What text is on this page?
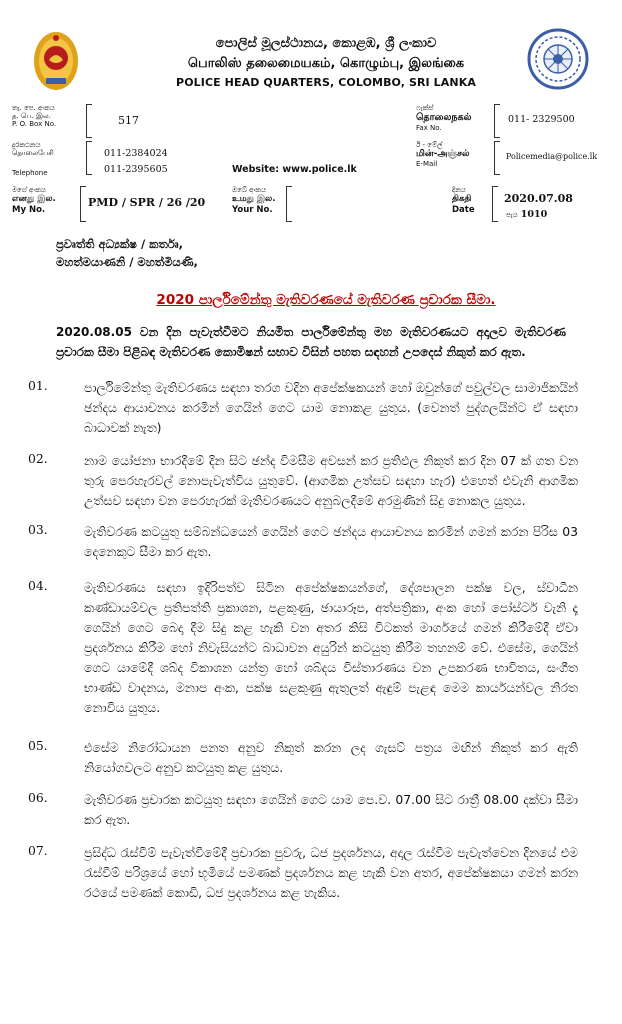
පොලිස් මූලස්ථානය, කොළඹ, ශ්‍රී ලංකාව
பொலிஸ் தலைமையகம், கொழும்பு, இலங்கை
POLICE HEAD QUARTERS, COLOMBO, SRI LANKA
තැ. පෙ. අංකය
த. பெ. இல.
P. O. Box No.	517
දුරකථනය
தொலைபேசி
Telephone
011-2384024
011-2395605	Website: www.police.lk
ෆැක්ස්
தொலைநகல்
Fax No.
011- 2329500
ඊ - මේල්
மின்-அஞ்சல்
E-Mail
Policemedia@police.lk
මගේ අංකය
எனது இல.
My No.
PMD / SPR / 26 /20
ඔබේ අංකය
உமது இல.
Your No.
දිනය
திகதி
Date
2020.07.08
පැය 1010
ප්‍රවෘත්ති අධ්‍යක්ෂ / කර්තෘ,
මහත්මයාණනි / මහත්මියණි,
2020 පාර්ලිමේන්තු මැතිවරණයේ මැතිවරණ ප්‍රචාරක සීමා.
2020.08.05 වන දින පැවැත්වීමට නියමිත පාර්ලිමේන්තු මහ මැතිවරණයට අදාලව මැතිවරණ ප්‍රචාරක සීමා පිළිබඳ මැතිවරණ කොමිෂන් සභාව විසින් පහත සඳහන් උපදෙස් නිකුත් කර ඇත.
01.	පාර්ලිමේන්තු මැතිවරණය සඳහා තරග වදින අපේක්ෂකයන් හෝ ඔවුන්ගේ පවුල්වල සාමාජිකයින් ඡන්දය ආයාචනය කරමින් ගෙයින් ගෙට යාම නොකළ යුතුය. (වෙනත් පුද්ගලයින්ට ඒ සඳහා බාධාවක් නැත)
02.	නාම යෝජනා භාරදීමේ දින සිට ඡන්ද විමසීම අවසන් කර ප්‍රතිඵල නිකුත් කර දින 07 ක් ගත වන තුරු පෙරහැරවල් නොපැවැත්විය යුතුවේ. (ආගමික උත්සව සඳහා හැර) එහෙත් එවැනි ආගමික උත්සව සඳහා වන පෙරහැරක් මැතිවරණයට අනුබලදීමේ අරමුණින් සිදු නොකල යුතුය.
03.	මැතිවරණ කටයුතු සම්බන්ධයෙන් ගෙයින් ගෙට ඡන්දය ආයාචනය කරමින් ගමන් කරන පිරිස 03 දෙනෙකුට සීමා කර ඇත.
04.	මැතිවරණය සඳහා ඉදිරිපත්ව සිටින අපේක්ෂකයන්ගේ, දේශපාලන පක්ෂ වල, ස්වාධීන කණ්ඩායම්වල ප්‍රතිපත්ති ප්‍රකාශන, පළකුණු, ඡායාරූප, අත්පත්‍රිකා, අංක හෝ පෝස්ටර් වැනි දෑ ගෙයින් ගෙට බෙදා දීම සිදු කළ හැකි වන අතර කිසි විටකත් මාර්ගයේ ගමන් කිරීමේදී ඒවා ප්‍රදර්ශනය කිරීම හෝ නිවැසියන්ට බාධාවන අයුරින් කටයුතු කිරීම තහනම් වේ. එසේම, ගෙයින් ගෙට යාමේදී ශබ්ද විකාශන යන්ත්‍ර හෝ ශබ්දය විස්තාරණය වන උපකරණ භාවිතය, සංගීත භාණ්ඩ වාදනය, මනාප අංක, පක්ෂ සළකුණු ඇතුලත් ඇඳුම් පැළඳ මෙම කාර්යයන්වල නිරත නොවිය යුතුය.
05.	එසේම නිරෝධායන පනත අනුව නිකුත් කරන ලද ගැසට් පත්‍රය මඟින් නිකුත් කර ඇති නියෝගවලට අනුව කටයුතු කළ යුතුය.
06.	මැතිවරණ ප්‍රචාරක කටයුතු සඳහා ගෙයින් ගෙට යාම පෙ.ව. 07.00 සිට රාත්‍රී 08.00 දක්වා සීමා කර ඇත.
07.	ප්‍රසිද්ධ රැස්වීම් පැවැත්වීමේදී ප්‍රචාරක පුවරු, ධජ ප්‍රදර්ශනය, අදාල රැස්වීම පැවැත්වෙන දිනයේ එම රැස්වීම් පරිශ්‍රයේ හෝ භූමියේ පමණක් ප්‍රදර්ශනය කළ හැකි වන අතර, අපේක්ෂකයා ගමන් කරන රථයේ පමණක් කොඩි, ධජ ප්‍රදර්ශනය කළ හැකිය.
